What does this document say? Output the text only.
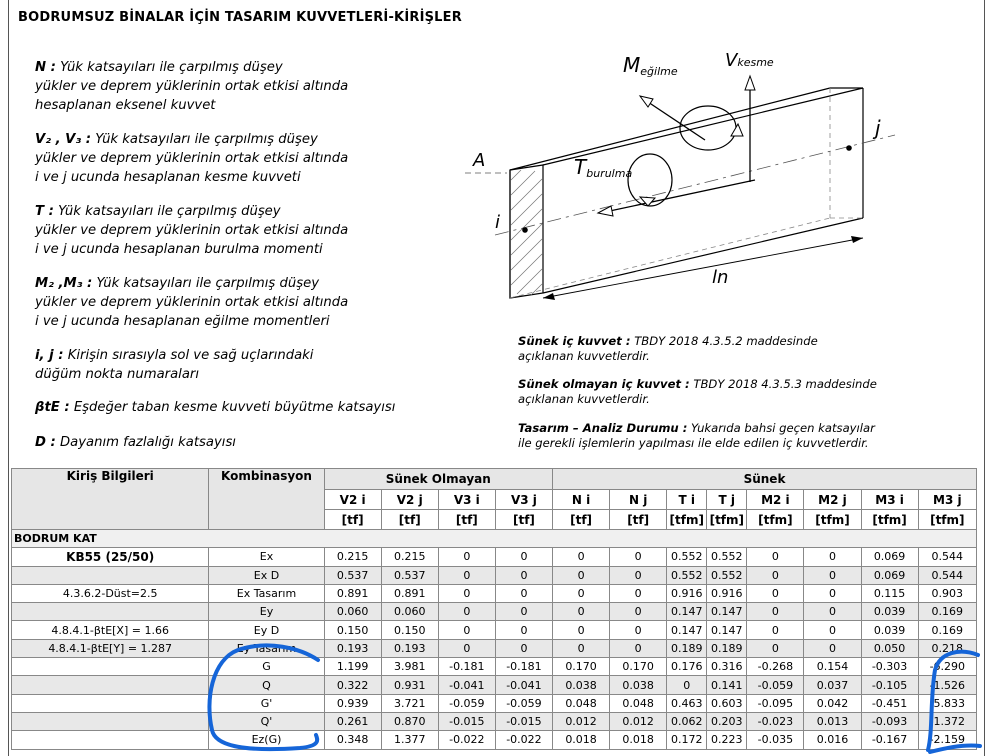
BODRUMSUZ BİNALAR İÇİN TASARIM KUVVETLERİ-KİRİŞLER
N : Yük katsayıları ile çarpılmış düşey
yükler ve deprem yüklerinin ortak etkisi altında
hesaplanan eksenel kuvvet
V₂ , V₃ : Yük katsayıları ile çarpılmış düşey
yükler ve deprem yüklerinin ortak etkisi altında
i ve j ucunda hesaplanan kesme kuvveti
T : Yük katsayıları ile çarpılmış düşey
yükler ve deprem yüklerinin ortak etkisi altında
i ve j ucunda hesaplanan burulma momenti
M₂ ,M₃ : Yük katsayıları ile çarpılmış düşey
yükler ve deprem yüklerinin ortak etkisi altında
i ve j ucunda hesaplanan eğilme momentleri
i, j : Kirişin sırasıyla sol ve sağ uçlarındaki
düğüm nokta numaraları
βtE : Eşdeğer taban kesme kuvveti büyütme katsayısı
D : Dayanım fazlalığı katsayısı
Meğilme
Vkesme
Tburulma
A
i
j
ln
Sünek iç kuvvet : TBDY 2018 4.3.5.2 maddesinde
açıklanan kuvvetlerdir.
Sünek olmayan iç kuvvet : TBDY 2018 4.3.5.3 maddesinde
açıklanan kuvvetlerdir.
Tasarım – Analiz Durumu : Yukarıda bahsi geçen katsayılar
ile gerekli işlemlerin yapılması ile elde edilen iç kuvvetlerdir.
Kiriş Bilgileri	Kombinasyon	Sünek Olmayan				Sünek							
		V2 i	V2 j	V3 i	V3 j	N i	N j	T i	T j	M2 i	M2 j	M3 i	M3 j
		[tf]	[tf]	[tf]	[tf]	[tf]	[tf]	[tfm]	[tfm]	[tfm]	[tfm]	[tfm]	[tfm]
BODRUM KAT													
KB55 (25/50)	Ex	0.215	0.215	0	0	0	0	0.552	0.552	0	0	0.069	0.544
	Ex D	0.537	0.537	0	0	0	0	0.552	0.552	0	0	0.069	0.544
4.3.6.2-Düst=2.5	Ex Tasarım	0.891	0.891	0	0	0	0	0.916	0.916	0	0	0.115	0.903
	Ey	0.060	0.060	0	0	0	0	0.147	0.147	0	0	0.039	0.169
4.8.4.1-βtE[X] = 1.66	Ey D	0.150	0.150	0	0	0	0	0.147	0.147	0	0	0.039	0.169
4.8.4.1-βtE[Y] = 1.287	Ey Tasarım	0.193	0.193	0	0	0	0	0.189	0.189	0	0	0.050	0.218
	G	1.199	3.981	-0.181	-0.181	0.170	0.170	0.176	0.316	-0.268	0.154	-0.303	-6.290
	Q	0.322	0.931	-0.041	-0.041	0.038	0.038	0	0.141	-0.059	0.037	-0.105	-1.526
	G'	0.939	3.721	-0.059	-0.059	0.048	0.048	0.463	0.603	-0.095	0.042	-0.451	-5.833
	Q'	0.261	0.870	-0.015	-0.015	0.012	0.012	0.062	0.203	-0.023	0.013	-0.093	-1.372
	Ez(G)	0.348	1.377	-0.022	-0.022	0.018	0.018	0.172	0.223	-0.035	0.016	-0.167	-2.159
